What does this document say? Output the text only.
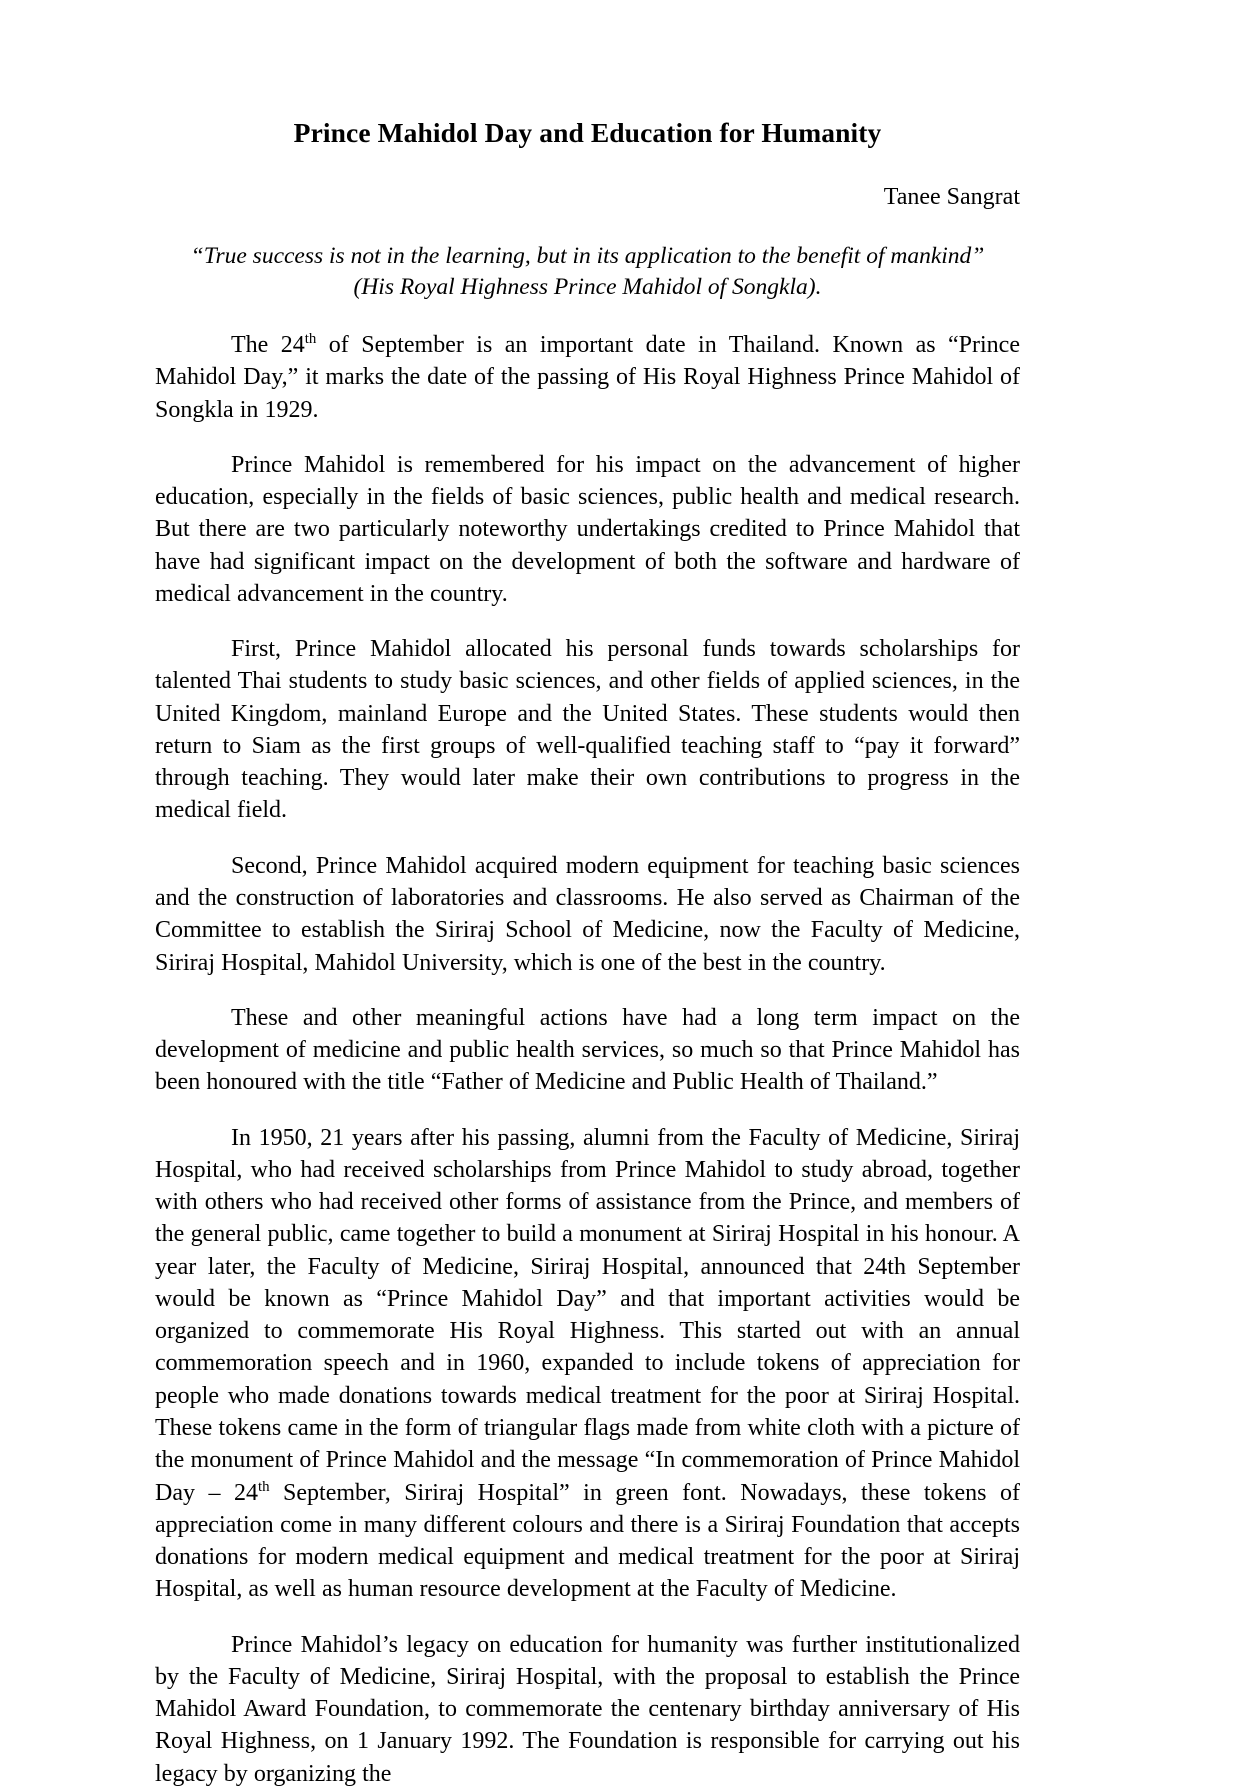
Prince Mahidol Day and Education for Humanity
Tanee Sangrat
“True success is not in the learning, but in its application to the benefit of mankind”
(His Royal Highness Prince Mahidol of Songkla).

The 24th of September is an important date in Thailand. Known as “Prince Mahidol Day,” it marks the date of the passing of His Royal Highness Prince Mahidol of Songkla in 1929.

Prince Mahidol is remembered for his impact on the advancement of higher education, especially in the fields of basic sciences, public health and medical research. But there are two particularly noteworthy undertakings credited to Prince Mahidol that have had significant impact on the development of both the software and hardware of medical advancement in the country.

First, Prince Mahidol allocated his personal funds towards scholarships for talented Thai students to study basic sciences, and other fields of applied sciences, in the United Kingdom, mainland Europe and the United States. These students would then return to Siam as the first groups of well-qualified teaching staff to “pay it forward” through teaching. They would later make their own contributions to progress in the medical field.

Second, Prince Mahidol acquired modern equipment for teaching basic sciences and the construction of laboratories and classrooms. He also served as Chairman of the Committee to establish the Siriraj School of Medicine, now the Faculty of Medicine, Siriraj Hospital, Mahidol University, which is one of the best in the country.

These and other meaningful actions have had a long term impact on the development of medicine and public health services, so much so that Prince Mahidol has been honoured with the title “Father of Medicine and Public Health of Thailand.”

In 1950, 21 years after his passing, alumni from the Faculty of Medicine, Siriraj Hospital, who had received scholarships from Prince Mahidol to study abroad, together with others who had received other forms of assistance from the Prince, and members of the general public, came together to build a monument at Siriraj Hospital in his honour. A year later, the Faculty of Medicine, Siriraj Hospital, announced that 24th September would be known as “Prince Mahidol Day” and that important activities would be organized to commemorate His Royal Highness. This started out with an annual commemoration speech and in 1960, expanded to include tokens of appreciation for people who made donations towards medical treatment for the poor at Siriraj Hospital. These tokens came in the form of triangular flags made from white cloth with a picture of the monument of Prince Mahidol and the message “In commemoration of Prince Mahidol Day – 24th September, Siriraj Hospital” in green font. Nowadays, these tokens of appreciation come in many different colours and there is a Siriraj Foundation that accepts donations for modern medical equipment and medical treatment for the poor at Siriraj Hospital, as well as human resource development at the Faculty of Medicine.

Prince Mahidol’s legacy on education for humanity was further institutionalized by the Faculty of Medicine, Siriraj Hospital, with the proposal to establish the Prince Mahidol Award Foundation, to commemorate the centenary birthday anniversary of His Royal Highness, on 1 January 1992. The Foundation is responsible for carrying out his legacy by organizing the
